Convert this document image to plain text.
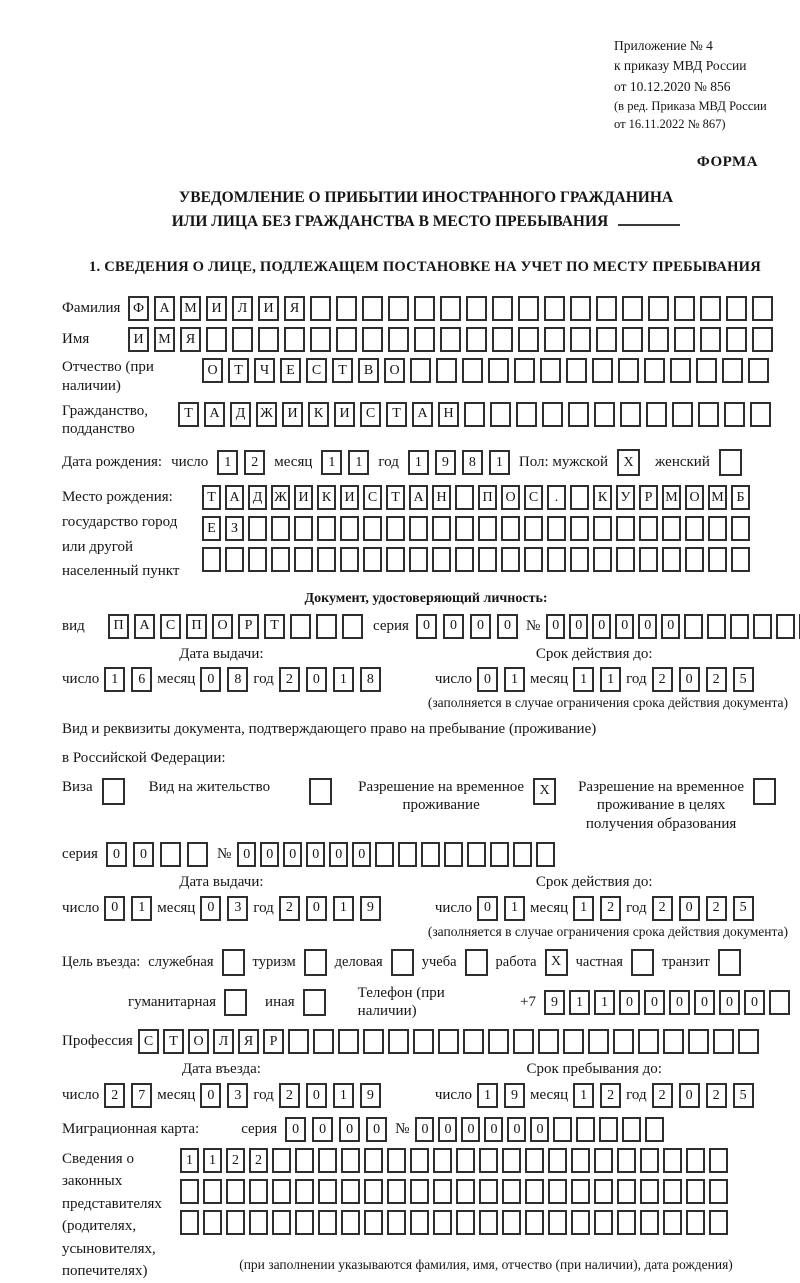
Приложение № 4
к приказу МВД России
от 10.12.2020 № 856
(в ред. Приказа МВД России
от 16.11.2022 № 867)
ФОРМА
УВЕДОМЛЕНИЕ О ПРИБЫТИИ ИНОСТРАННОГО ГРАЖДАНИНА
ИЛИ ЛИЦА БЕЗ ГРАЖДАНСТВА В МЕСТО ПРЕБЫВАНИЯ
1. СВЕДЕНИЯ О ЛИЦЕ, ПОДЛЕЖАЩЕМ ПОСТАНОВКЕ НА УЧЕТ ПО МЕСТУ ПРЕБЫВАНИЯ
Фамилия Ф	А	М	И	Л	И	Я
Имя	И	М	Я
Отчество (при наличии)
О	Т	Ч	Е	С	Т	В	О
Гражданство, подданство
Т	А	Д	Ж	И	К	И	С	Т	А	Н
Дата рождения: число	1	2	месяц	1	1	год	1	9	8	1	Пол: мужской	X	женский
Место рождения: государство город или другой населенный пункт
Т А Д Ж И К И С	Т А Н	П О С	.	К У	Р М О М Б
Е	З
Документ, удостоверяющий личность:
вид	П	А	С	П	О	Р	Т	серия	0	0	0	0	№ 0	0	0	0	0	0
Дата выдачи:
число 1	6 месяц 0	8 год 2	0	1	8
Срок действия до:
число 0	1 месяц 1	1 год 2	0	2	5
(заполняется в случае ограничения срока действия документа)
Вид и реквизиты документа, подтверждающего право на пребывание (проживание)
в Российской Федерации:
Виза	Вид на жительство	Разрешение на временное
проживание
X	Разрешение на временное
проживание в целях
получения образования
серия	0	0	№ 0	0	0	0	0	0
Дата выдачи:
число 0	1 месяц 0	3 год 2	0	1	9
Срок действия до:
число 0	1 месяц 1	2 год 2	0	2	5
(заполняется в случае ограничения срока действия документа)
Цель въезда: служебная	туризм	деловая	учеба	работа	X частная	транзит
гуманитарная	иная
Телефон (при наличии)
+7	9	1	1	0	0	0	0	0	0
Профессия С	Т	О	Л	Я	Р
Дата въезда:
число 2	7 месяц 0	3 год 2	0	1	9
Срок пребывания до:
число 1	9 месяц 1	2 год 2	0	2	5
Миграционная карта:	серия	0	0	0	0	№ 0	0	0	0	0	0
Сведения о законных представителях (родителях, усыновителях, попечителях)
1	1	2	2
(при заполнении указываются фамилия, имя, отчество (при наличии), дата рождения)
